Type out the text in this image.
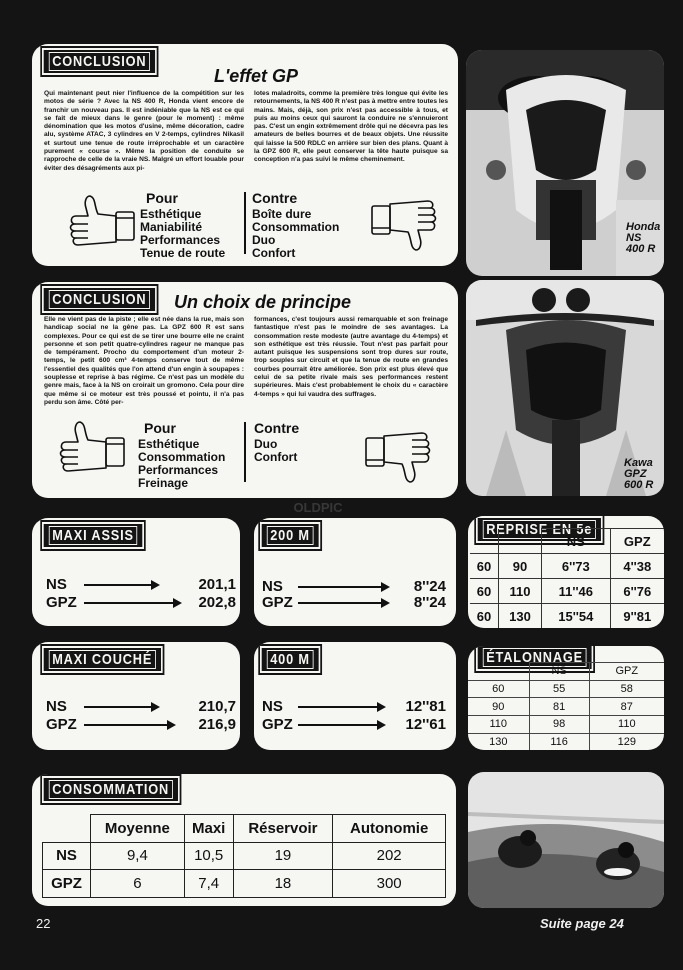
CONCLUSION
L'effet GP
Qui maintenant peut nier l'influence de la compétition sur les motos de série ? Avec la NS 400 R, Honda vient encore de franchir un nouveau pas. Il est indéniable que la NS est ce qui se fait de mieux dans le genre (pour le moment) : même dénomination que les motos d'usine, même décoration, cadre alu, système ATAC, 3 cylindres en V 2-temps, cylindres Nikasil et surtout une tenue de route irréprochable et un caractère purement « course ». Même la position de conduite se rapproche de celle de la vraie NS. Malgré un effort louable pour éviter des désagréments aux pi-
lotes maladroits, comme la première très longue qui évite les retournements, la NS 400 R n'est pas à mettre entre toutes les mains. Mais, déjà, son prix n'est pas accessible à tous, et puis au moins ceux qui sauront la conduire ne s'ennuieront pas. C'est un engin extrêmement drôle qui ne décevra pas les amateurs de belles bourres et de beaux objets. Une réussite qui laisse la 500 RDLC en arrière sur bien des plans. Quant à la GPZ 600 R, elle peut conserver la tête haute puisque sa conception n'a pas suivi le même cheminement.
Pour
Esthétique
Maniabilité
Performances
Tenue de route
Contre
Boîte dure
Consommation
Duo
Confort
Honda
NS
400 R
CONCLUSION	Un choix de principe
Elle ne vient pas de la piste ; elle est née dans la rue, mais son handicap social ne la gêne pas. La GPZ 600 R est sans complexes. Pour ce qui est de se tirer une bourre elle ne craint personne et son petit quatre-cylindres rageur ne manque pas de tempérament. Procho du comportement d'un moteur 2-temps, le petit 600 cm³ 4-temps conserve tout de même l'essentiel des qualités que l'on attend d'un engin à soupapes : souplesse et reprise à bas régime. Ce n'est pas un modèle du genre mais, face à la NS on croirait un gromono. Cela pour dire que même si ce moteur est très poussé et pointu, il n'a pas perdu son âme. Côté per-
formances, c'est toujours aussi remarquable et son freinage fantastique n'est pas le moindre de ses avantages. La consommation reste modeste (autre avantage du 4-temps) et son esthétique est très réussie. Tout n'est pas parfait pour autant puisque les suspensions sont trop dures sur route, trop souples sur circuit et que la tenue de route en grandes courbes pourrait être améliorée. Son prix est plus élevé que celui de sa petite rivale mais ses performances restent supérieures. Mais c'est probablement le choix du « caractère 4-temps » qui lui vaudra des suffrages.
Pour
Esthétique
Consommation
Performances
Freinage
Contre
Duo
Confort	Kawa
GPZ
600 R
OLDPIC
MAXI ASSIS
NS	201,1
GPZ	202,8
200 M
NS	8''24
GPZ	8''24
MAXI COUCHÉ
NS	210,7
GPZ	216,9
400 M
NS	12''81
GPZ	12''61
REPRISE EN 5e
		NS	GPZ
60	90	6''73	4''38
60	110	11''46	6''76
60	130	15''54	9''81
ÉTALONNAGE
	NS	GPZ
60	55	58
90	81	87
110	98	110
130	116	129
CONSOMMATION
	Moyenne	Maxi	Réservoir	Autonomie
NS	9,4	10,5	19	202
GPZ	6	7,4	18	300
22	Suite page 24
